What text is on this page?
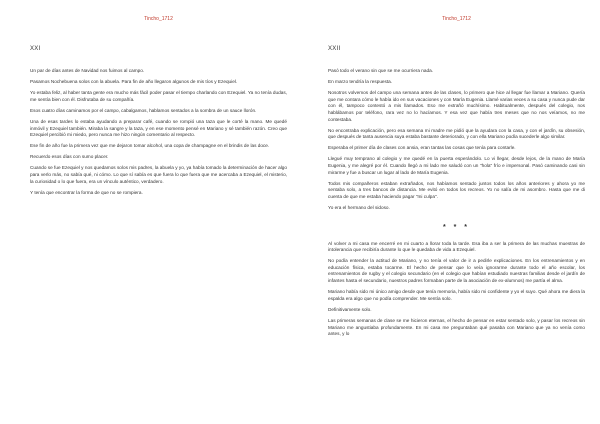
Tincho_1712
XXI

Un par de días antes de Navidad nos fuimos al campo.

Pasamos Nochebuena solos con la abuela. Para fin de año llegaron algunos de mis tíos y Ezequiel.

Yo estaba feliz, al haber tanta gente era mucho más fácil poder pasar el tiempo charlando con Ezequiel. Ya no tenía dudas, me sentía bien con él. Disfrutaba de su compañía.

Esos cuatro días caminamos por el campo, cabalgamos, hablamos sentados a la sombra de un sauce llorón.

Una de esas tardes lo estaba ayudando a preparar café, cuando se rompió una taza que le corté la mano. Me quedé inmóvil y Ezequiel también. Miraba la sangre y la taza, y en ese momento pensé en Mariano y sé también razón. Creo que Ezequiel percibió mi miedo, pero nunca me hizo ningún comentario al respecto.

Ese fin de año fue la primera vez que me dejaron tomar alcohol, una copa de champagne en el brindis de las doce.

Recuerdo esos días con sumo placer.

Cuando se fue Ezequiel y nos quedamos solos mis padres, la abuela y yo, ya había tomado la determinación de hacer algo para verlo más, no sabía qué, ni cómo. Lo que sí sabía es que fuera lo que fuera que me acercaba a Ezequiel, el misterio, la curiosidad o lo que fuera, era un vínculo auténtico, verdadero.

Y tenía que encontrar la forma de que no se rompiera.

Tincho_1712
XXII

Pasó todo el verano sin que se me ocurriera nada.

En marzo tendría la respuesta.

Nosotros volvemos del campo una semana antes de las clases, lo primero que hice al llegar fue llamar a Mariano. Quería que me contara cómo le había ido en sus vacaciones y con María Eugenia. Llamé varias veces a su casa y nunca pude dar con él, tampoco contestó a mis llamados. Eso me extrañó muchísimo. Habitualmente, después del colegio, nos hablábamos por teléfono, rara vez no lo hacíamos. Y esa vez que había tres meses que no nos veíamos, no me contestaba.

No encontraba explicación, pero esa semana mi madre me pidió que la ayudara con la casa, y con el jardín, su obsesión, que después de tanta ausencia suya estaba bastante deteriorado, y con ella Mariano podía sucederle algo similar.

Esperaba el primer día de clases con ansia, eran tantas las cosas que tenía para contarle.

Llegué muy temprano al colegio y me quedé en la puerta esperándolo. Lo vi llegar, desde lejos, de la mano de María Eugenia, y me alegré por él. Cuando llegó a mi lado me saludó con un "hola" frío e impersonal. Pasó caminando casi sin mirarme y fue a buscar un lugar al lado de María Eugenia.

Todos mis compañeros estaban extrañados, nos habíamos sentado juntos todos los años anteriores y ahora yo me sentaba solo, a tres bancos de distancia. Me evitó en todos los recreos. Yo no salía de mi asombro. Hasta que me di cuenta de que me estaba haciendo pagar "mi culpa".

Yo era el hermano del sidoso.

* * *

Al volver a mi casa me encerré en mi cuarto a llorar toda la tarde. Esa iba a ser la primera de las muchas muestras de intolerancia que recibiría durante lo que le quedaba de vida a Ezequiel.

No podía entender la actitud de Mariano, y no tenía el valor de ir a pedirle explicaciones. En los entrenamientos y en educación física, estaba tocarme. El hecho de pensar que lo veía ignorarme durante todo el año escolar, los entrenamientos de rugby y el colegio secundario (en el colegio que habían estudiado nuestras familias desde el jardín de infantes hasta el secundario, nuestros padres formaban parte de la asociación de ex-alumnos) me partía el alma.

Mariano había sido mi único amigo desde que tenía memoria, había sido mi confidente y yo el suyo. Qué ahora me diera la espalda era algo que no podía comprender. Me sentía solo.

Definitivamente solo.

Las primeras semanas de clase se me hicieron eternas, el hecho de pensar en estar sentado solo, y pasar los recreos sin Mariano me angustiaba profundamente. En mi casa me preguntaban qué pasaba con Mariano que ya no venía como antes, y lo
